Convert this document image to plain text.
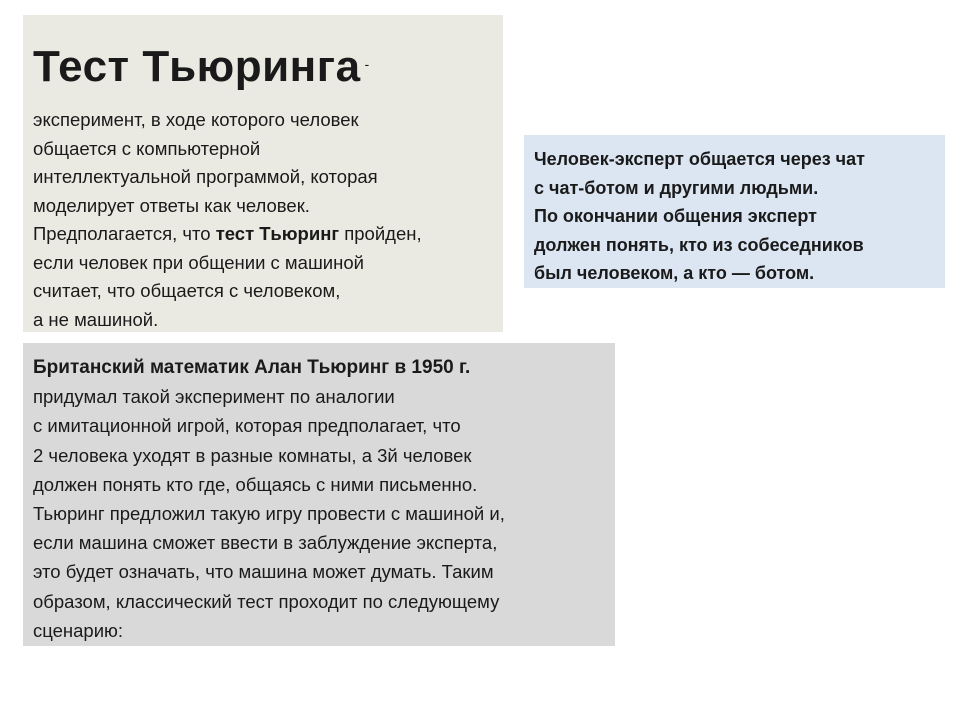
Тест Тьюринга -
эксперимент, в ходе которого человек
общается с компьютерной
интеллектуальной программой, которая
моделирует ответы как человек.
Предполагается, что тест Тьюринг пройден,
если человек при общении с машиной
считает, что общается с человеком,
а не машиной.
Человек-эксперт общается через чат
с чат-ботом и другими людьми.
По окончании общения эксперт
должен понять, кто из собеседников
был человеком, а кто — ботом.
Британский математик Алан Тьюринг в 1950 г.
придумал такой эксперимент по аналогии
с имитационной игрой, которая предполагает, что
2 человека уходят в разные комнаты, а 3й человек
должен понять кто где, общаясь с ними письменно.
Тьюринг предложил такую игру провести с машиной и,
если машина сможет ввести в заблуждение эксперта,
это будет означать, что машина может думать. Таким
образом, классический тест проходит по следующему
сценарию:
